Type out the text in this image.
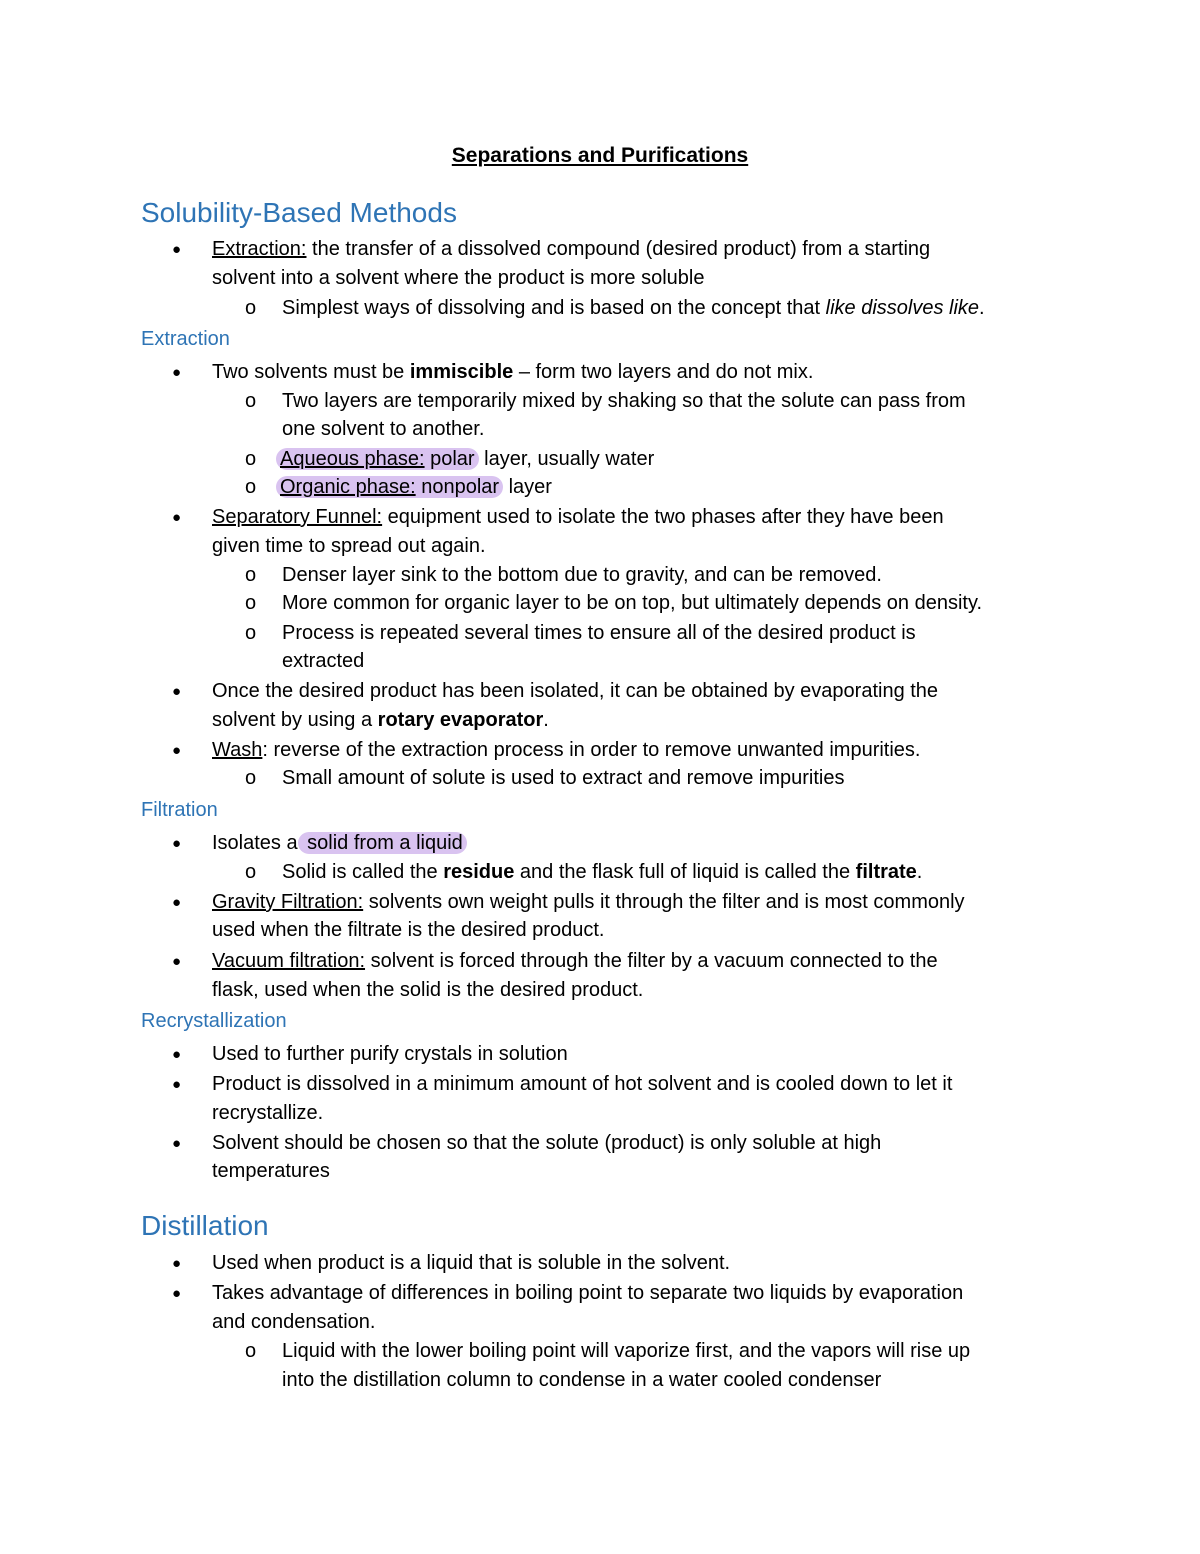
Separations and Purifications
Solubility-Based Methods
● Extraction: the transfer of a dissolved compound (desired product) from a starting
solvent into a solvent where the product is more soluble
o Simplest ways of dissolving and is based on the concept that like dissolves like.
Extraction
● Two solvents must be immiscible – form two layers and do not mix.
o Two layers are temporarily mixed by shaking so that the solute can pass from
one solvent to another.
o Aqueous phase: polar layer, usually water
o Organic phase: nonpolar layer
● Separatory Funnel: equipment used to isolate the two phases after they have been
given time to spread out again.
o Denser layer sink to the bottom due to gravity, and can be removed.
o More common for organic layer to be on top, but ultimately depends on density.
o Process is repeated several times to ensure all of the desired product is
extracted
● Once the desired product has been isolated, it can be obtained by evaporating the
solvent by using a rotary evaporator.
● Wash: reverse of the extraction process in order to remove unwanted impurities.
o Small amount of solute is used to extract and remove impurities
Filtration
● Isolates a solid from a liquid
o Solid is called the residue and the flask full of liquid is called the filtrate.
● Gravity Filtration: solvents own weight pulls it through the filter and is most commonly
used when the filtrate is the desired product.
● Vacuum filtration: solvent is forced through the filter by a vacuum connected to the
flask, used when the solid is the desired product.
Recrystallization
● Used to further purify crystals in solution
● Product is dissolved in a minimum amount of hot solvent and is cooled down to let it
recrystallize.
● Solvent should be chosen so that the solute (product) is only soluble at high
temperatures
Distillation
● Used when product is a liquid that is soluble in the solvent.
● Takes advantage of differences in boiling point to separate two liquids by evaporation
and condensation.
o Liquid with the lower boiling point will vaporize first, and the vapors will rise up
into the distillation column to condense in a water cooled condenser
